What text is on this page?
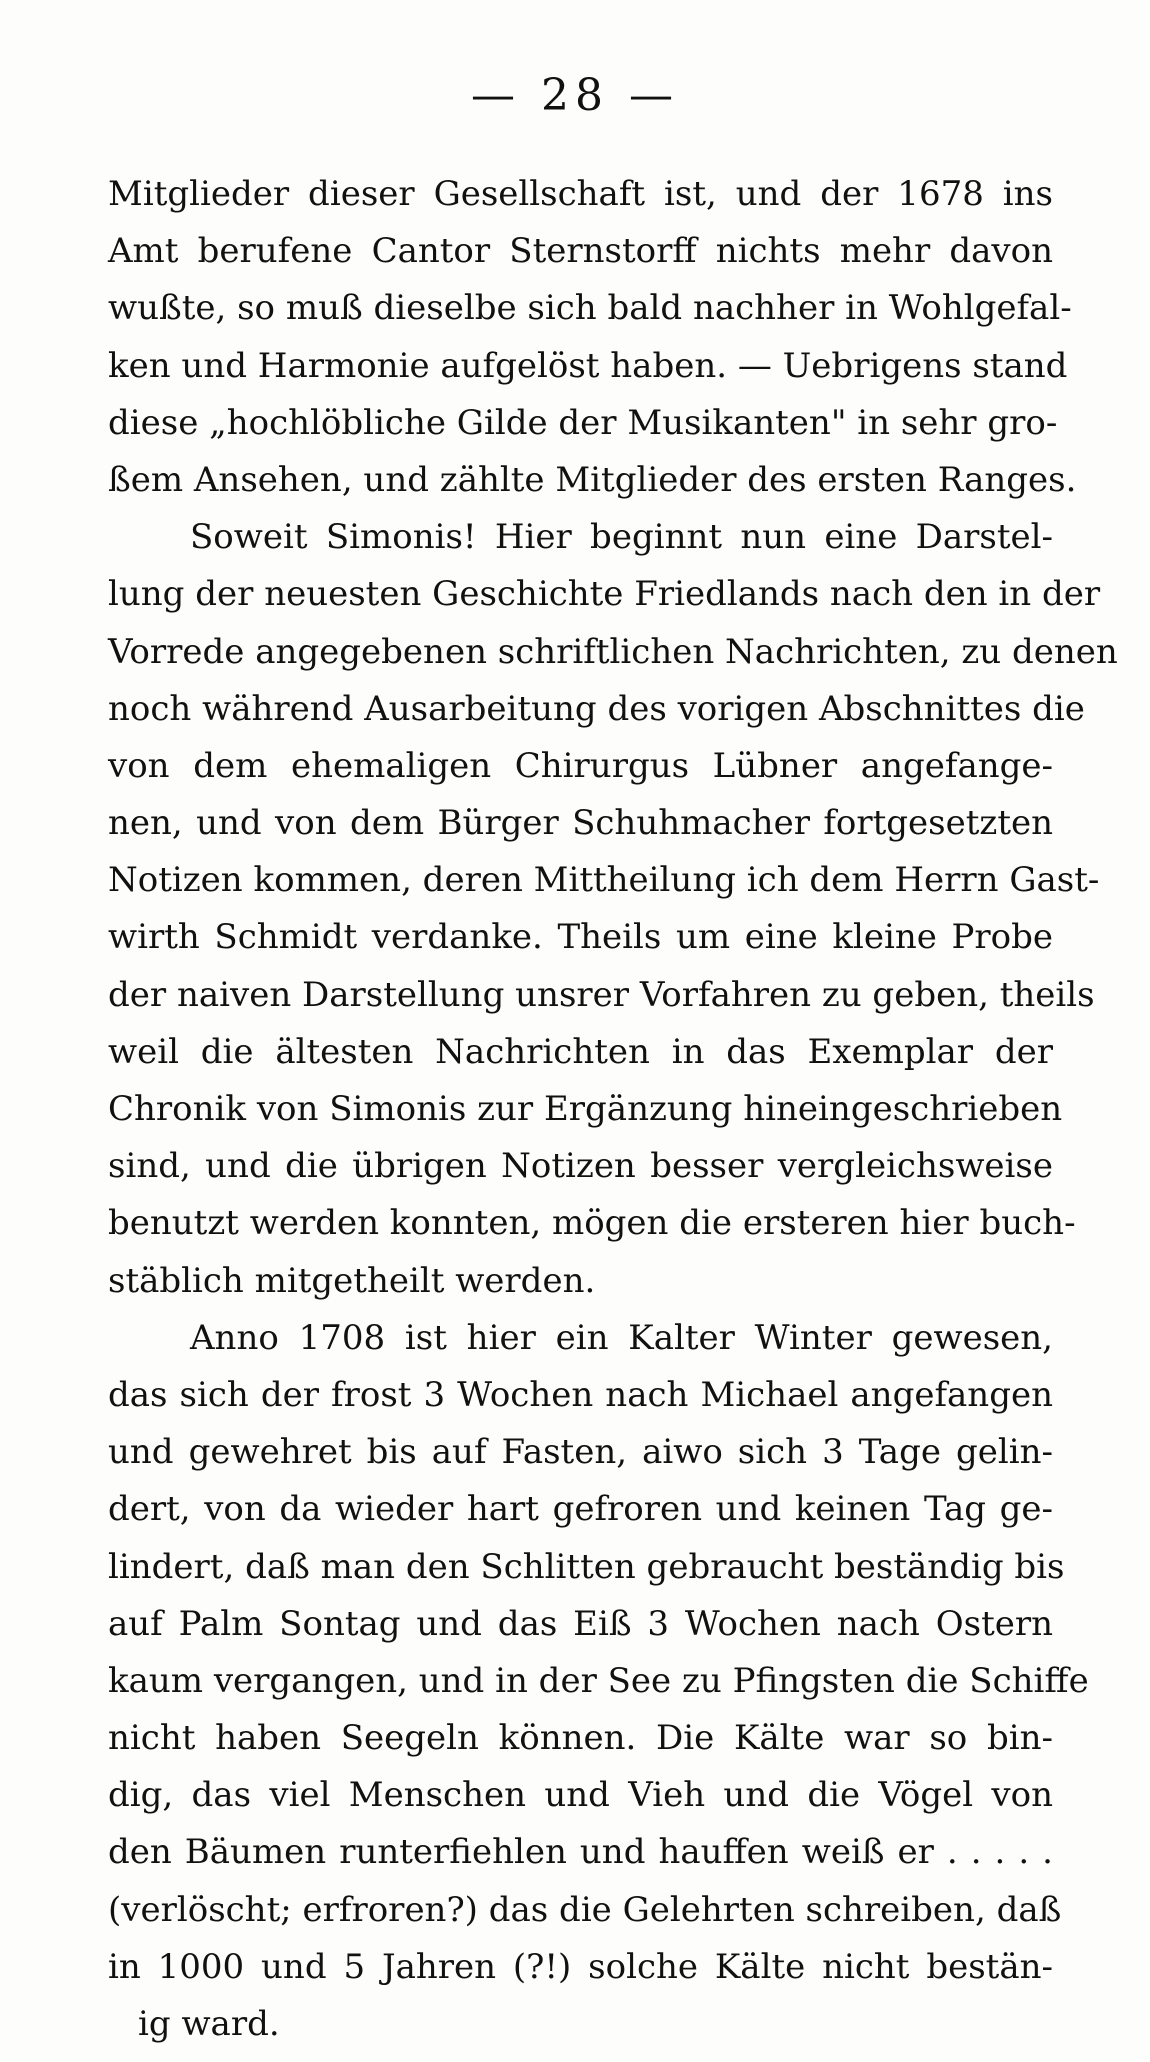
— 28 —
Mitglieder dieser Gesellschaft ist, und der 1678 ins
Amt berufene Cantor Sternstorff nichts mehr davon
wußte, so muß dieselbe sich bald nachher in Wohlgefal-
ken und Harmonie aufgelöst haben. — Uebrigens stand
diese „hochlöbliche Gilde der Musikanten" in sehr gro-
ßem Ansehen, und zählte Mitglieder des ersten Ranges.
Soweit Simonis! Hier beginnt nun eine Darstel-
lung der neuesten Geschichte Friedlands nach den in der
Vorrede angegebenen schriftlichen Nachrichten, zu denen
noch während Ausarbeitung des vorigen Abschnittes die
von dem ehemaligen Chirurgus Lübner angefange-
nen, und von dem Bürger Schuhmacher fortgesetzten
Notizen kommen, deren Mittheilung ich dem Herrn Gast-
wirth Schmidt verdanke. Theils um eine kleine Probe
der naiven Darstellung unsrer Vorfahren zu geben, theils
weil die ältesten Nachrichten in das Exemplar der
Chronik von Simonis zur Ergänzung hineingeschrieben
sind, und die übrigen Notizen besser vergleichsweise
benutzt werden konnten, mögen die ersteren hier buch-
stäblich mitgetheilt werden.
Anno 1708 ist hier ein Kalter Winter gewesen,
das sich der frost 3 Wochen nach Michael angefangen
und gewehret bis auf Fasten, aiwo sich 3 Tage gelin-
dert, von da wieder hart gefroren und keinen Tag ge-
lindert, daß man den Schlitten gebraucht beständig bis
auf Palm Sontag und das Eiß 3 Wochen nach Ostern
kaum vergangen, und in der See zu Pfingsten die Schiffe
nicht haben Seegeln können. Die Kälte war so bin-
dig, das viel Menschen und Vieh und die Vögel von
den Bäumen runterfiehlen und hauffen weiß er . . . . .
(verlöscht; erfroren?) das die Gelehrten schreiben, daß
in 1000 und 5 Jahren (?!) solche Kälte nicht bestän-
ig ward.
